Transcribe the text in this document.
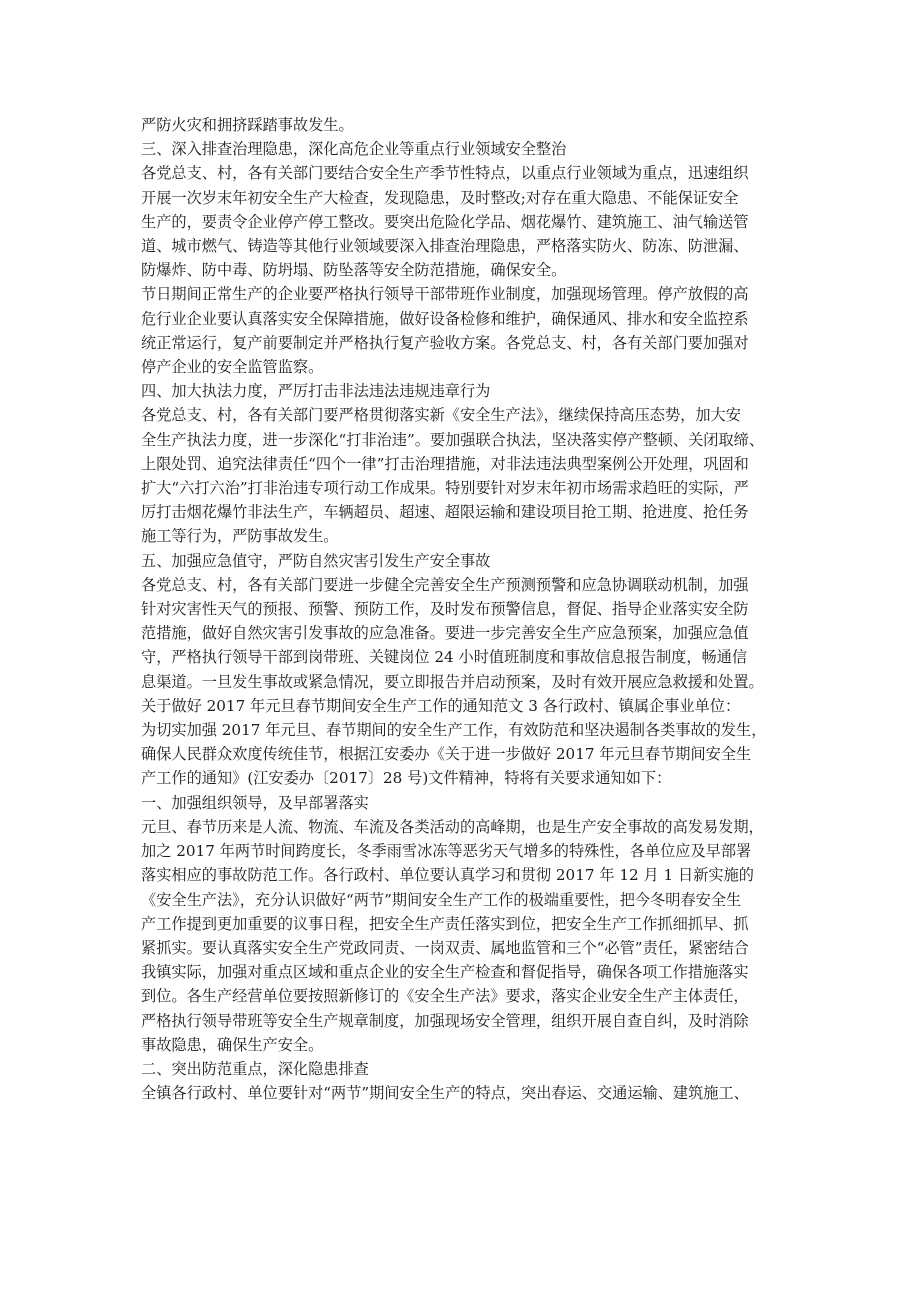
严防火灾和拥挤踩踏事故发生。
三、深入排查治理隐患，深化高危企业等重点行业领域安全整治
各党总支、村，各有关部门要结合安全生产季节性特点，以重点行业领域为重点，迅速组织
开展一次岁末年初安全生产大检查，发现隐患，及时整改;对存在重大隐患、不能保证安全
生产的，要责令企业停产停工整改。要突出危险化学品、烟花爆竹、建筑施工、油气输送管
道、城市燃气、铸造等其他行业领域要深入排查治理隐患，严格落实防火、防冻、防泄漏、
防爆炸、防中毒、防坍塌、防坠落等安全防范措施，确保安全。
节日期间正常生产的企业要严格执行领导干部带班作业制度，加强现场管理。停产放假的高
危行业企业要认真落实安全保障措施，做好设备检修和维护，确保通风、排水和安全监控系
统正常运行，复产前要制定并严格执行复产验收方案。各党总支、村，各有关部门要加强对
停产企业的安全监管监察。
四、加大执法力度，严厉打击非法违法违规违章行为
各党总支、村，各有关部门要严格贯彻落实新《安全生产法》，继续保持高压态势，加大安
全生产执法力度，进一步深化“打非治违”。要加强联合执法，坚决落实停产整顿、关闭取缔、
上限处罚、追究法律责任“四个一律”打击治理措施，对非法违法典型案例公开处理，巩固和
扩大“六打六治”打非治违专项行动工作成果。特别要针对岁末年初市场需求趋旺的实际，严
厉打击烟花爆竹非法生产，车辆超员、超速、超限运输和建设项目抢工期、抢进度、抢任务
施工等行为，严防事故发生。
五、加强应急值守，严防自然灾害引发生产安全事故
各党总支、村，各有关部门要进一步健全完善安全生产预测预警和应急协调联动机制，加强
针对灾害性天气的预报、预警、预防工作，及时发布预警信息，督促、指导企业落实安全防
范措施，做好自然灾害引发事故的应急准备。要进一步完善安全生产应急预案，加强应急值
守，严格执行领导干部到岗带班、关键岗位 24 小时值班制度和事故信息报告制度，畅通信
息渠道。一旦发生事故或紧急情况，要立即报告并启动预案，及时有效开展应急救援和处置。
关于做好 2017 年元旦春节期间安全生产工作的通知范文 3 各行政村、镇属企事业单位：
为切实加强 2017 年元旦、春节期间的安全生产工作，有效防范和坚决遏制各类事故的发生，
确保人民群众欢度传统佳节，根据江安委办《关于进一步做好 2017 年元旦春节期间安全生
产工作的通知》(江安委办〔2017〕28 号)文件精神，特将有关要求通知如下：
一、加强组织领导，及早部署落实
元旦、春节历来是人流、物流、车流及各类活动的高峰期，也是生产安全事故的高发易发期，
加之 2017 年两节时间跨度长，冬季雨雪冰冻等恶劣天气增多的特殊性，各单位应及早部署
落实相应的事故防范工作。各行政村、单位要认真学习和贯彻 2017 年 12 月 1 日新实施的
《安全生产法》，充分认识做好“两节”期间安全生产工作的极端重要性，把今冬明春安全生
产工作提到更加重要的议事日程，把安全生产责任落实到位，把安全生产工作抓细抓早、抓
紧抓实。要认真落实安全生产党政同责、一岗双责、属地监管和三个“必管”责任，紧密结合
我镇实际，加强对重点区域和重点企业的安全生产检查和督促指导，确保各项工作措施落实
到位。各生产经营单位要按照新修订的《安全生产法》要求，落实企业安全生产主体责任，
严格执行领导带班等安全生产规章制度，加强现场安全管理，组织开展自查自纠，及时消除
事故隐患，确保生产安全。
二、突出防范重点，深化隐患排查
全镇各行政村、单位要针对“两节”期间安全生产的特点，突出春运、交通运输、建筑施工、
